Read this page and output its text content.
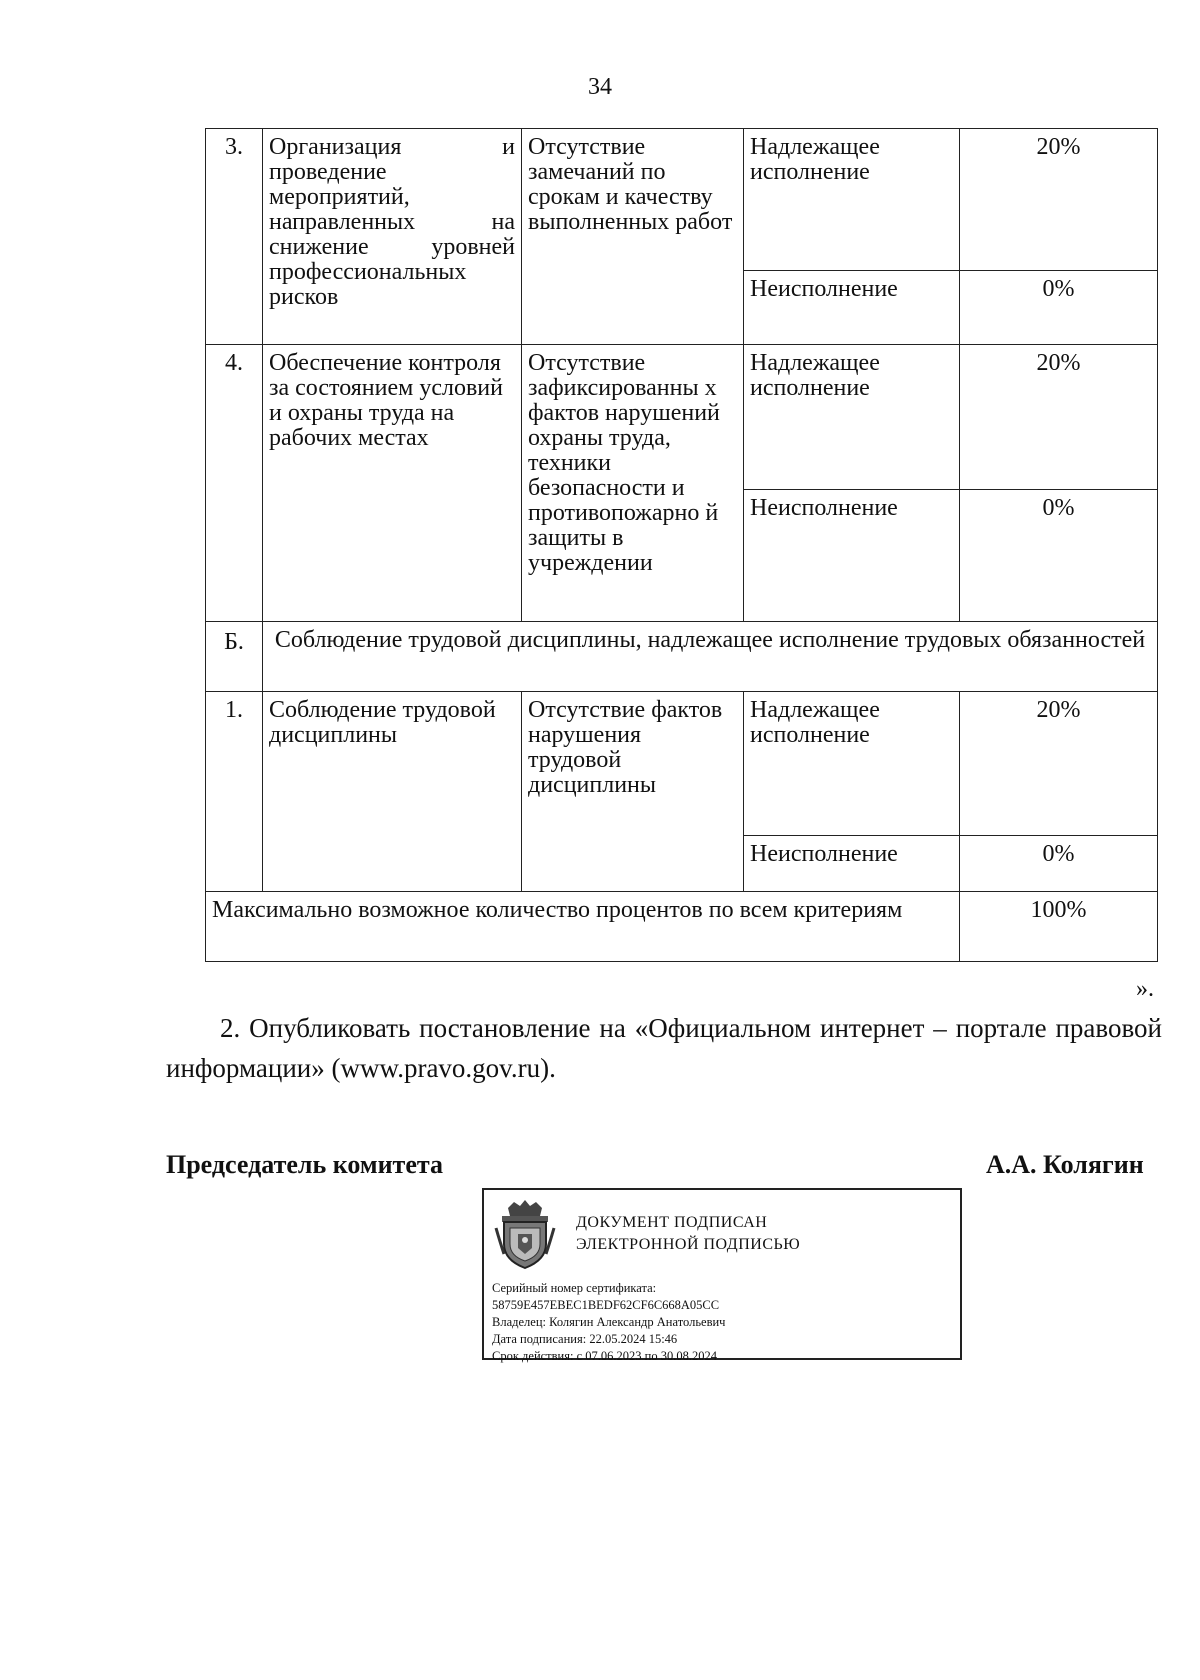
34
3.	Организация и проведение мероприятий, направленных на снижение уровней профессиональных рисков	Отсутствие замечаний по срокам и качеству выполненных работ	Надлежащее исполнение	20%
			Неисполнение	0%
4.	Обеспечение контроля за состоянием условий и охраны труда на рабочих местах	Отсутствие зафиксированны х фактов нарушений охраны труда, техники безопасности и противопожарно й защиты в учреждении	Надлежащее исполнение	20%
			Неисполнение	0%
Б.	Соблюдение трудовой дисциплины, надлежащее исполнение трудовых обязанностей			
1.	Соблюдение трудовой дисциплины	Отсутствие фактов нарушения трудовой дисциплины	Надлежащее исполнение	20%
			Неисполнение	0%
Максимально возможное количество процентов по всем критериям				100%
».
2. Опубликовать постановление на «Официальном интернет – портале правовой информации» (www.pravo.gov.ru).
Председатель комитета	А.А. Колягин
ДОКУМЕНТ ПОДПИСАН
ЭЛЕКТРОННОЙ ПОДПИСЬЮ
Серийный номер сертификата:
58759E457EBEC1BEDF62CF6C668A05CC
Владелец: Колягин Александр Анатольевич
Дата подписания: 22.05.2024 15:46
Срок действия: с 07.06.2023 по 30.08.2024
